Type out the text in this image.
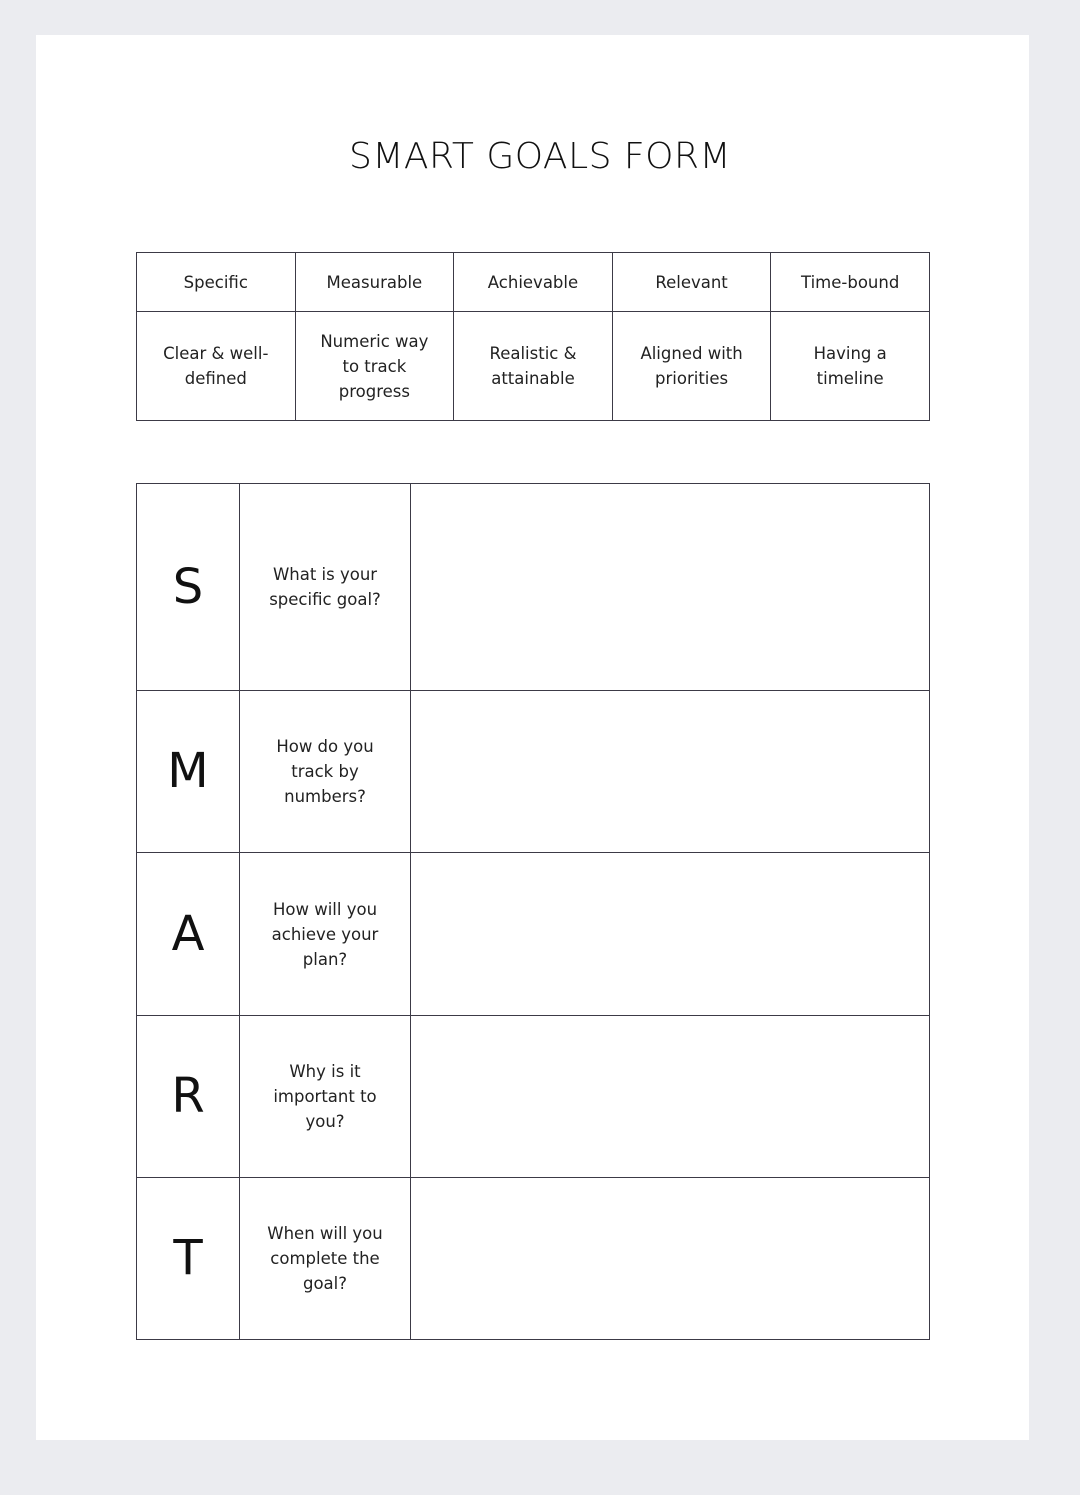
SMART GOALS FORM
Specific	Measurable	Achievable	Relevant	Time-bound
Clear & well-defined	Numeric way to track progress	Realistic & attainable	Aligned with priorities	Having a timeline
S	What is your specific goal?	
M	How do you track by numbers?	
A	How will you achieve your plan?	
R	Why is it important to you?	
T	When will you complete the goal?	
